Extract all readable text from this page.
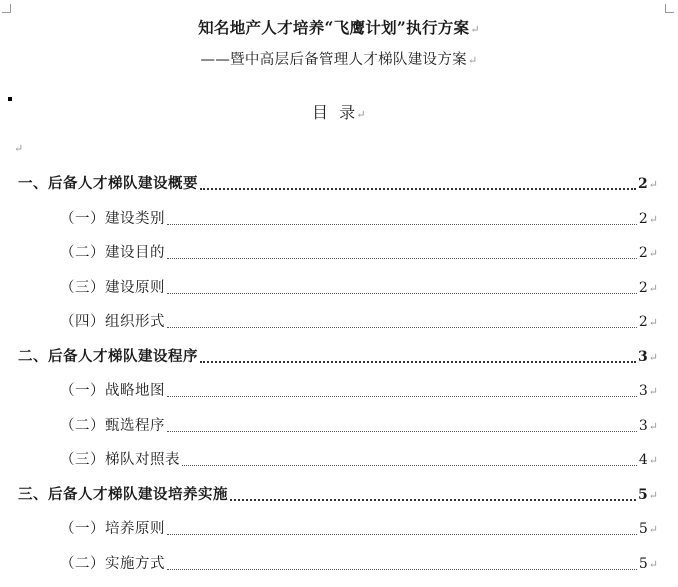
知名地产人才培养“飞鹰计划”执行方案↵
——暨中高层后备管理人才梯队建设方案↵
目  录↵
↵
一、后备人才梯队建设概要	2↵
（一）建设类别	2↵
（二）建设目的	2↵
（三）建设原则	2↵
（四）组织形式	2↵
二、后备人才梯队建设程序	3↵
（一）战略地图	3↵
（二）甄选程序	3↵
（三）梯队对照表	4↵
三、后备人才梯队建设培养实施	5↵
（一）培养原则	5↵
（二）实施方式	5↵
